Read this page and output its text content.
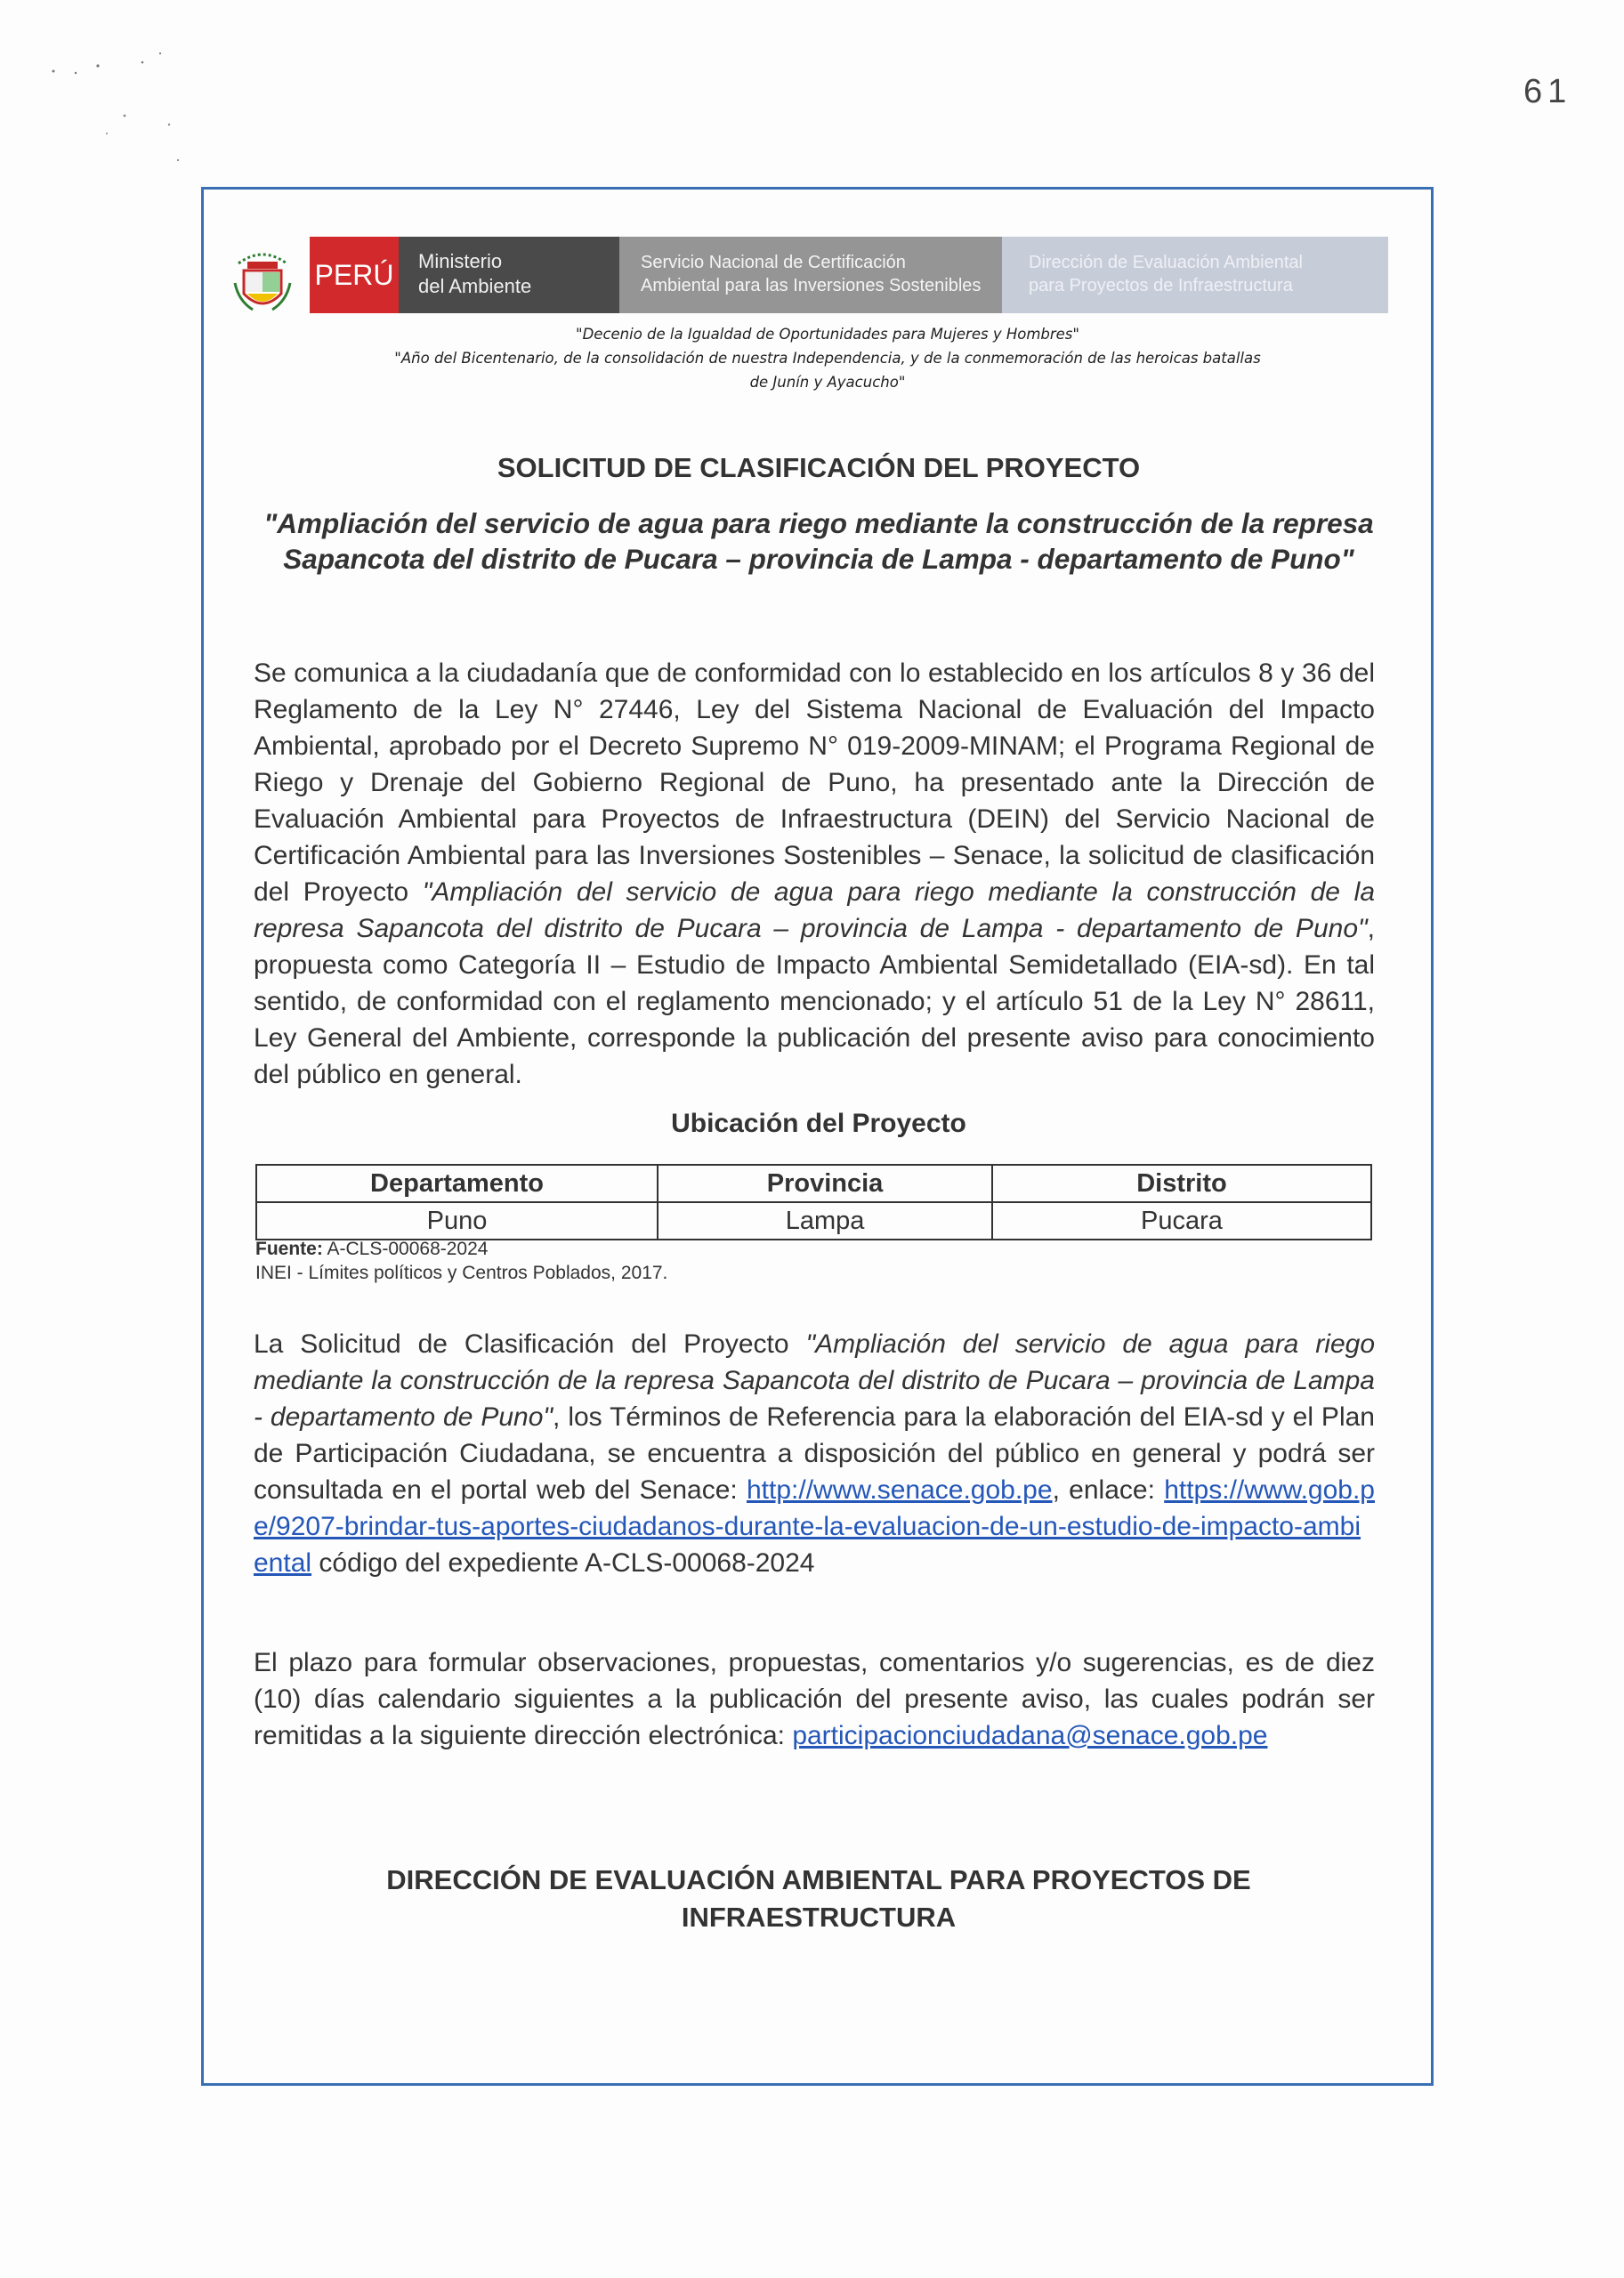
61
PERÚ Ministerio
del Ambiente
Servicio Nacional de Certificación
Ambiental para las Inversiones Sostenibles
Dirección de Evaluación Ambiental
para Proyectos de Infraestructura
"Decenio de la Igualdad de Oportunidades para Mujeres y Hombres"
"Año del Bicentenario, de la consolidación de nuestra Independencia, y de la conmemoración de las heroicas batallas
de Junín y Ayacucho"
SOLICITUD DE CLASIFICACIÓN DEL PROYECTO
"Ampliación del servicio de agua para riego mediante la construcción de la represa Sapancota del distrito de Pucara – provincia de Lampa - departamento de Puno"
Se comunica a la ciudadanía que de conformidad con lo establecido en los artículos 8 y 36 del Reglamento de la Ley N° 27446, Ley del Sistema Nacional de Evaluación del Impacto Ambiental, aprobado por el Decreto Supremo N° 019-2009-MINAM; el Programa Regional de Riego y Drenaje del Gobierno Regional de Puno, ha presentado ante la Dirección de Evaluación Ambiental para Proyectos de Infraestructura (DEIN) del Servicio Nacional de Certificación Ambiental para las Inversiones Sostenibles – Senace, la solicitud de clasificación del Proyecto "Ampliación del servicio de agua para riego mediante la construcción de la represa Sapancota del distrito de Pucara – provincia de Lampa - departamento de Puno", propuesta como Categoría II – Estudio de Impacto Ambiental Semidetallado (EIA-sd). En tal sentido, de conformidad con el reglamento mencionado; y el artículo 51 de la Ley N° 28611, Ley General del Ambiente, corresponde la publicación del presente aviso para conocimiento del público en general.
Ubicación del Proyecto
Departamento	Provincia	Distrito
Puno	Lampa	Pucara
Fuente: A-CLS-00068-2024
INEI - Límites políticos y Centros Poblados, 2017.
La Solicitud de Clasificación del Proyecto "Ampliación del servicio de agua para riego mediante la construcción de la represa Sapancota del distrito de Pucara – provincia de Lampa - departamento de Puno", los Términos de Referencia para la elaboración del EIA-sd y el Plan de Participación Ciudadana, se encuentra a disposición del público en general y podrá ser consultada en el portal web del Senace: http://www.senace.gob.pe, enlace: https://www.gob.pe/9207-brindar-tus-aportes-ciudadanos-durante-la-evaluacion-de-un-estudio-de-impacto-ambiental código del expediente A-CLS-00068-2024
El plazo para formular observaciones, propuestas, comentarios y/o sugerencias, es de diez (10) días calendario siguientes a la publicación del presente aviso, las cuales podrán ser remitidas a la siguiente dirección electrónica: participacionciudadana@senace.gob.pe
DIRECCIÓN DE EVALUACIÓN AMBIENTAL PARA PROYECTOS DE INFRAESTRUCTURA
